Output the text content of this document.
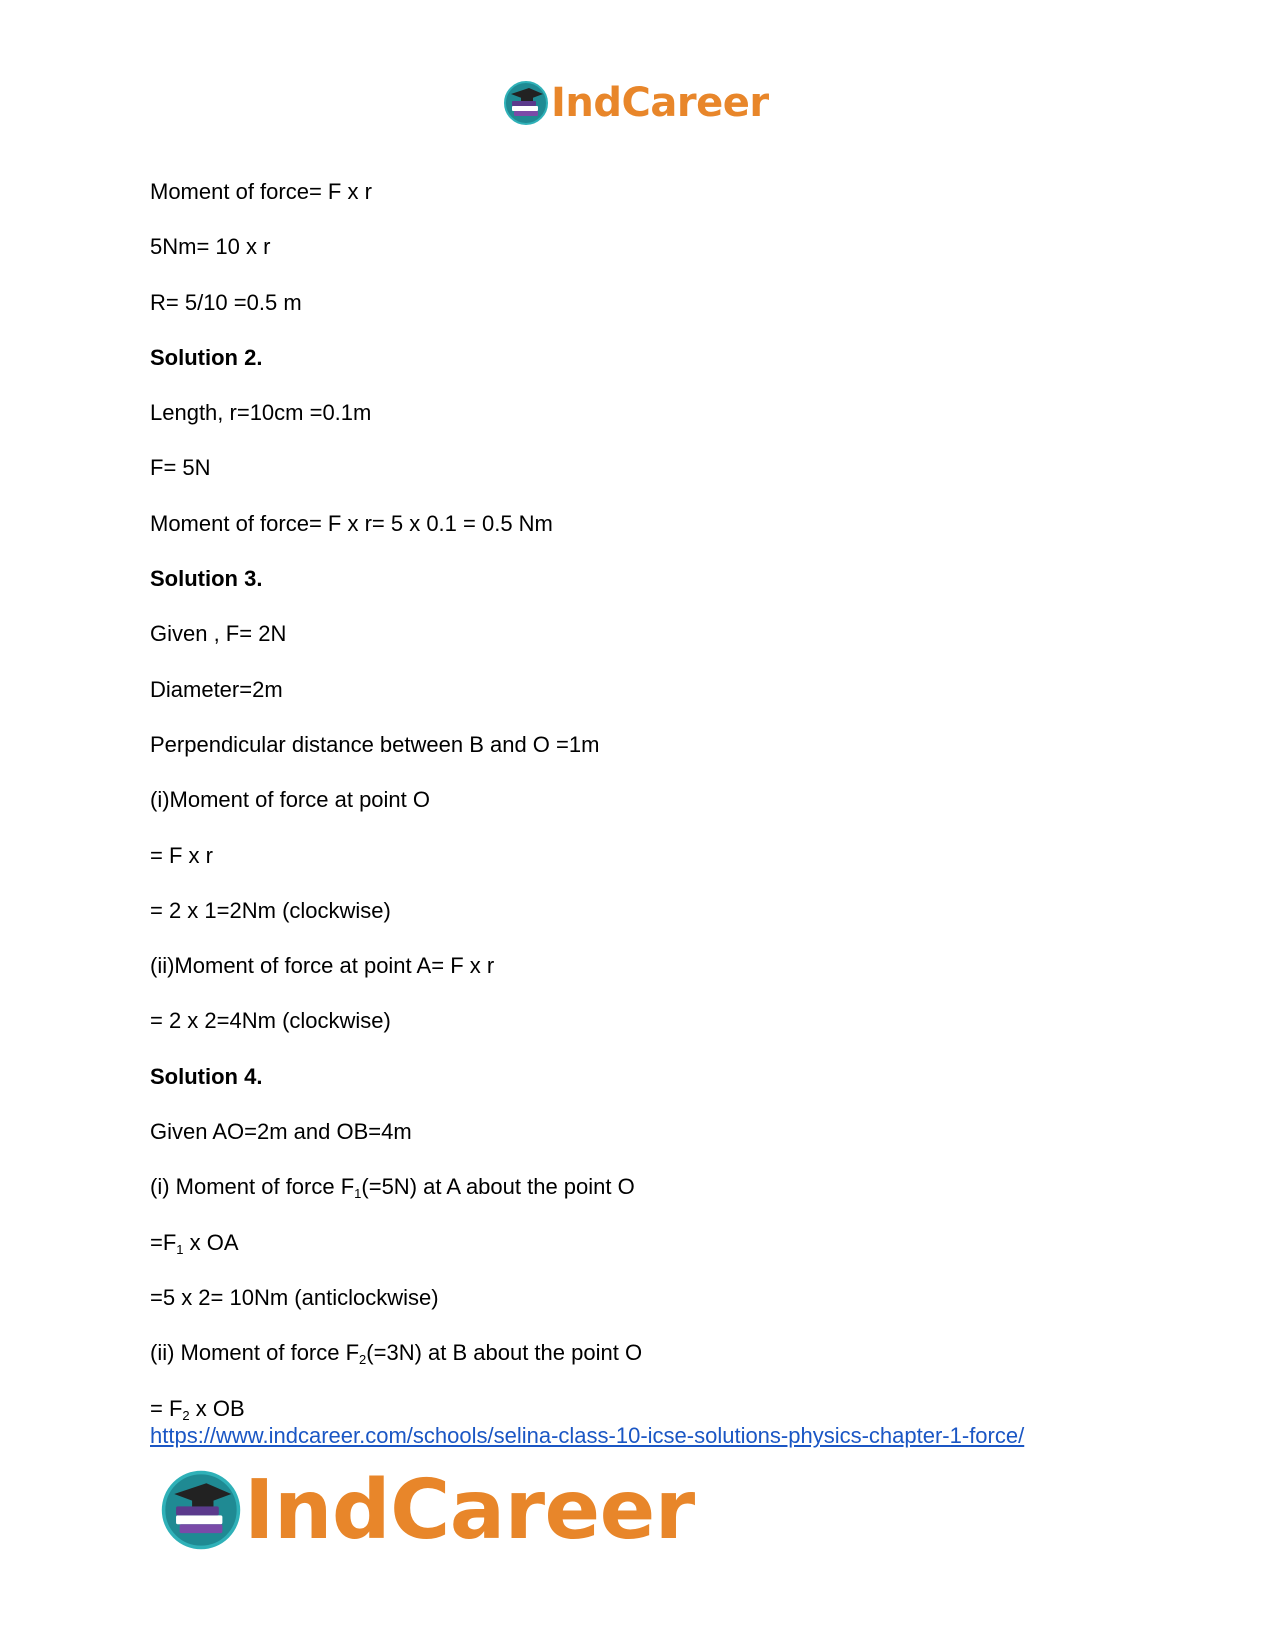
IndCareer
Moment of force= F x r
5Nm= 10 x r
R= 5/10 =0.5 m
Solution 2.
Length, r=10cm =0.1m
F= 5N
Moment of force= F x r= 5 x 0.1 = 0.5 Nm
Solution 3.
Given , F= 2N
Diameter=2m
Perpendicular distance between B and O =1m
(i)Moment of force at point O
= F x r
= 2 x 1=2Nm (clockwise)
(ii)Moment of force at point A= F x r
= 2 x 2=4Nm (clockwise)
Solution 4.
Given AO=2m and OB=4m
(i) Moment of force $F_1(=5N)$ at A about the point O
$=F_1$ x OA
=5 x 2= 10Nm (anticlockwise)
(ii) Moment of force $F_2(=3N)$ at B about the point O
= $F_2$ x OB
https://www.indcareer.com/schools/selina-class-10-icse-solutions-physics-chapter-1-force/
IndCareer
